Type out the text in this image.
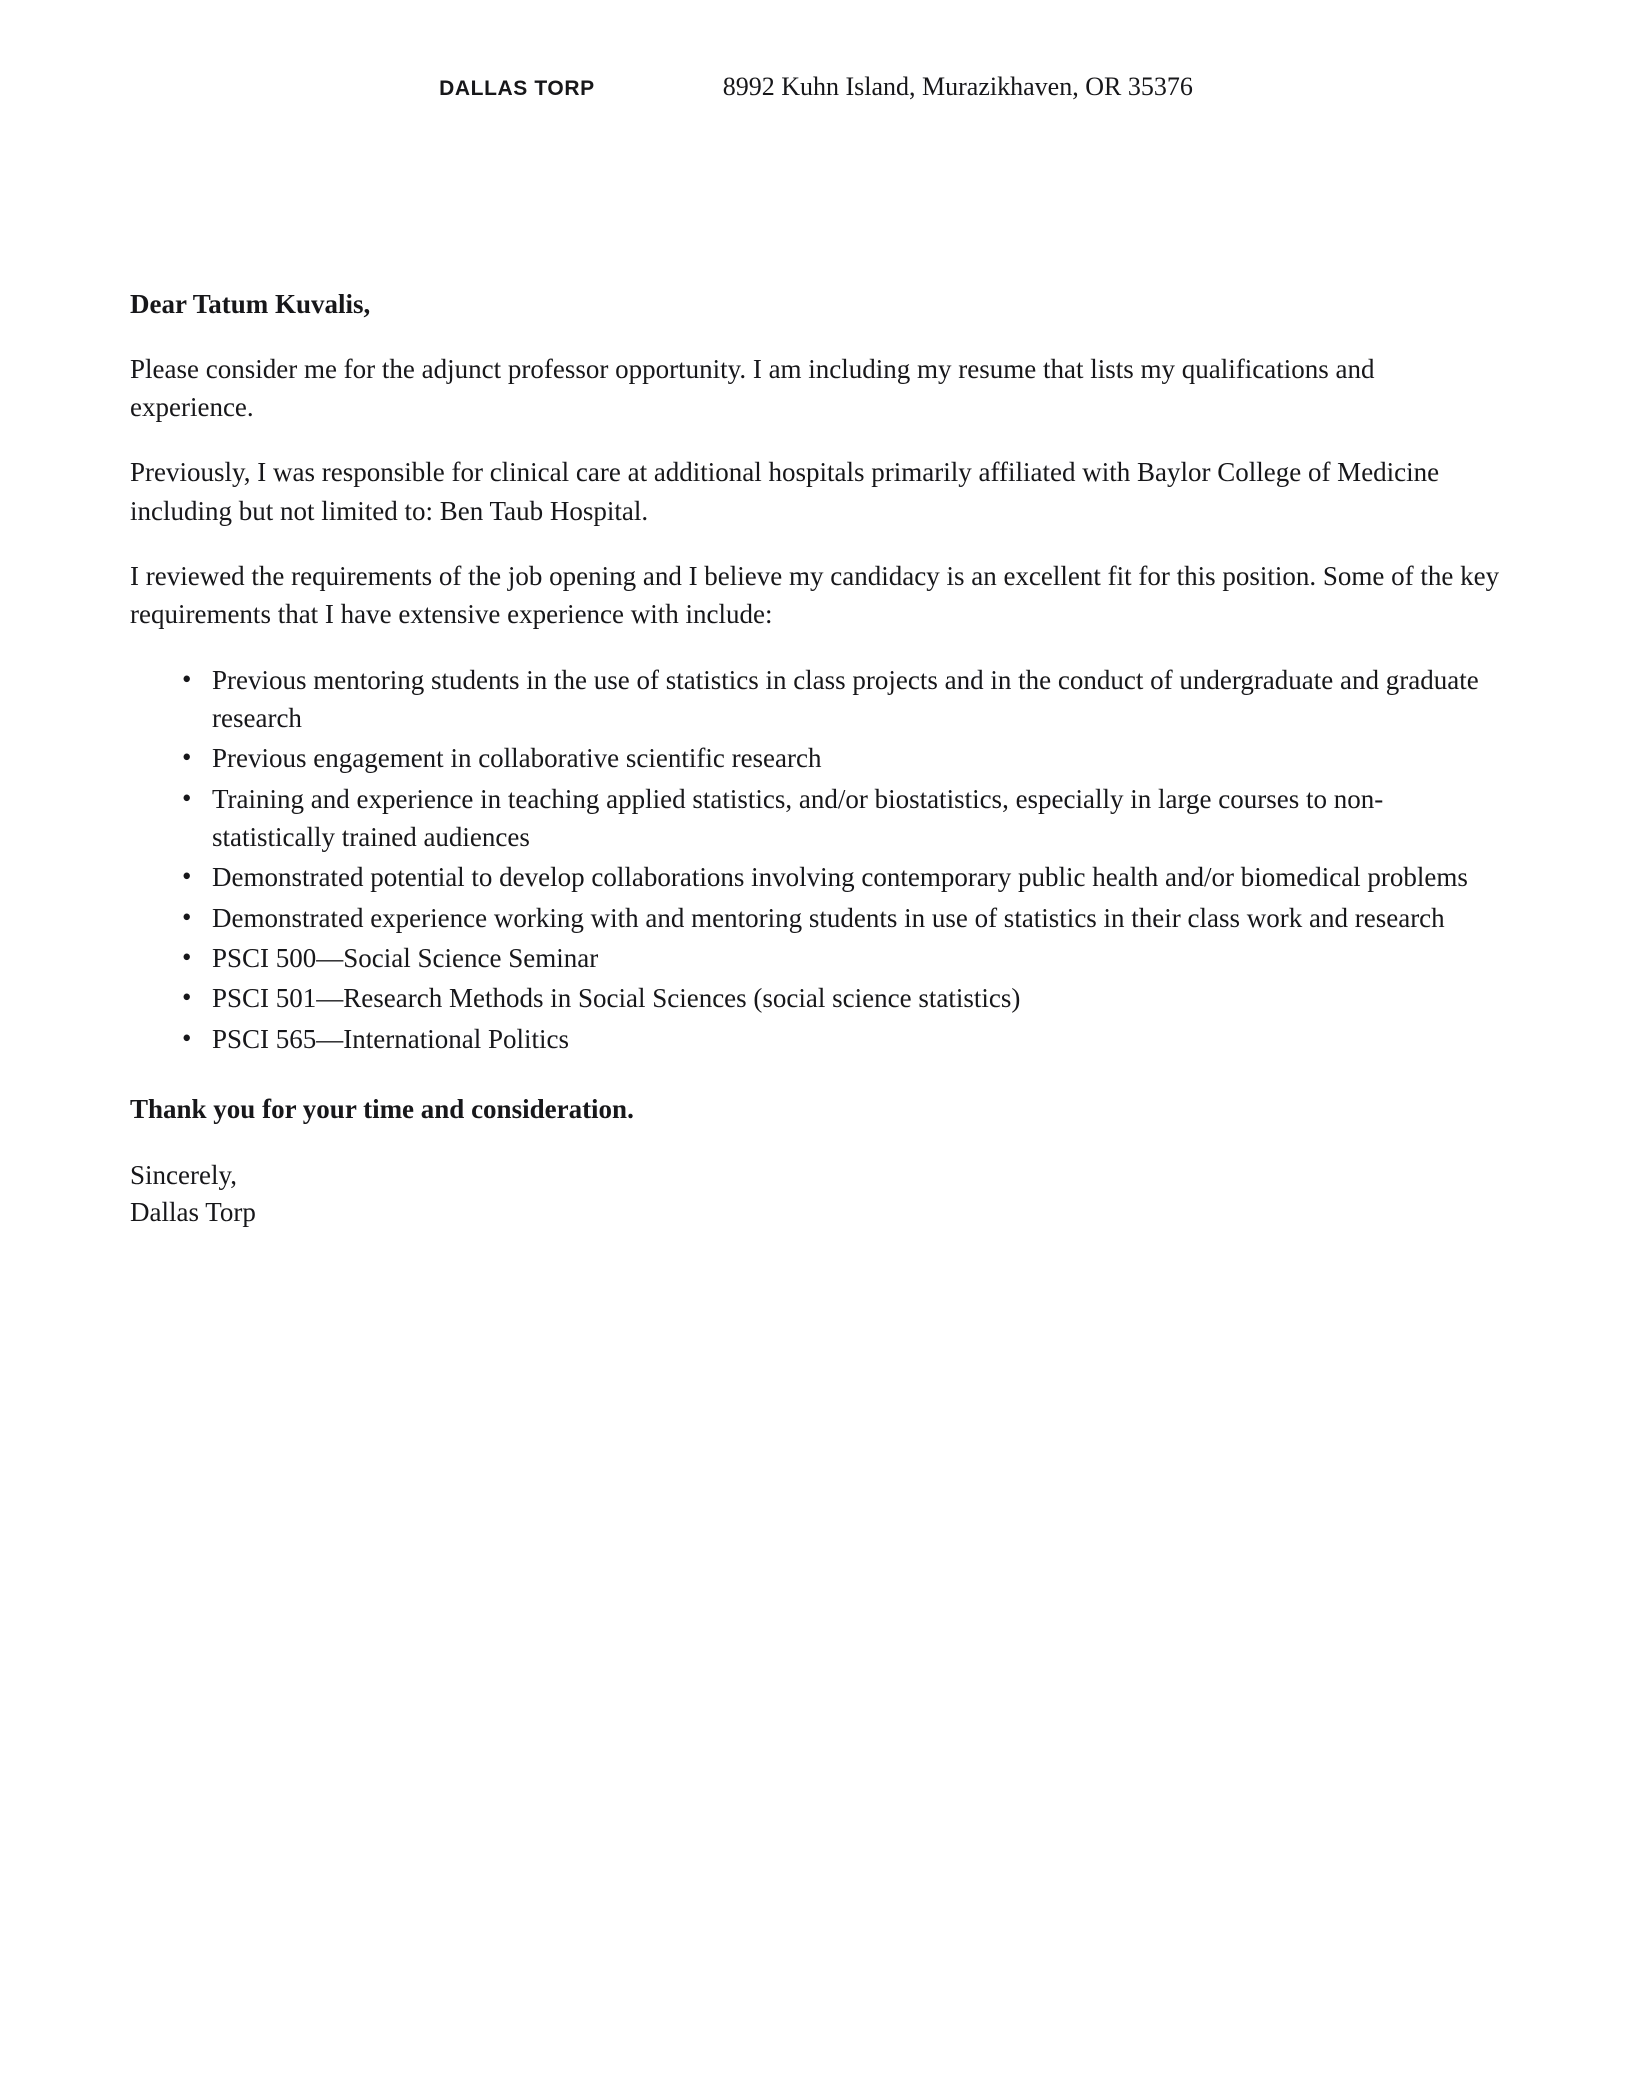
DALLAS TORP	8992 Kuhn Island, Murazikhaven, OR 35376

Dear Tatum Kuvalis,

Please consider me for the adjunct professor opportunity. I am including my resume that lists my qualifications and experience.

Previously, I was responsible for clinical care at additional hospitals primarily affiliated with Baylor College of Medicine including but not limited to: Ben Taub Hospital.

I reviewed the requirements of the job opening and I believe my candidacy is an excellent fit for this position. Some of the key requirements that I have extensive experience with include:

• Previous mentoring students in the use of statistics in class projects and in the conduct of undergraduate and graduate research
• Previous engagement in collaborative scientific research
• Training and experience in teaching applied statistics, and/or biostatistics, especially in large courses to non-statistically trained audiences
• Demonstrated potential to develop collaborations involving contemporary public health and/or biomedical problems
• Demonstrated experience working with and mentoring students in use of statistics in their class work and research
• PSCI 500—Social Science Seminar
• PSCI 501—Research Methods in Social Sciences (social science statistics)
• PSCI 565—International Politics

Thank you for your time and consideration.

Sincerely,
Dallas Torp
